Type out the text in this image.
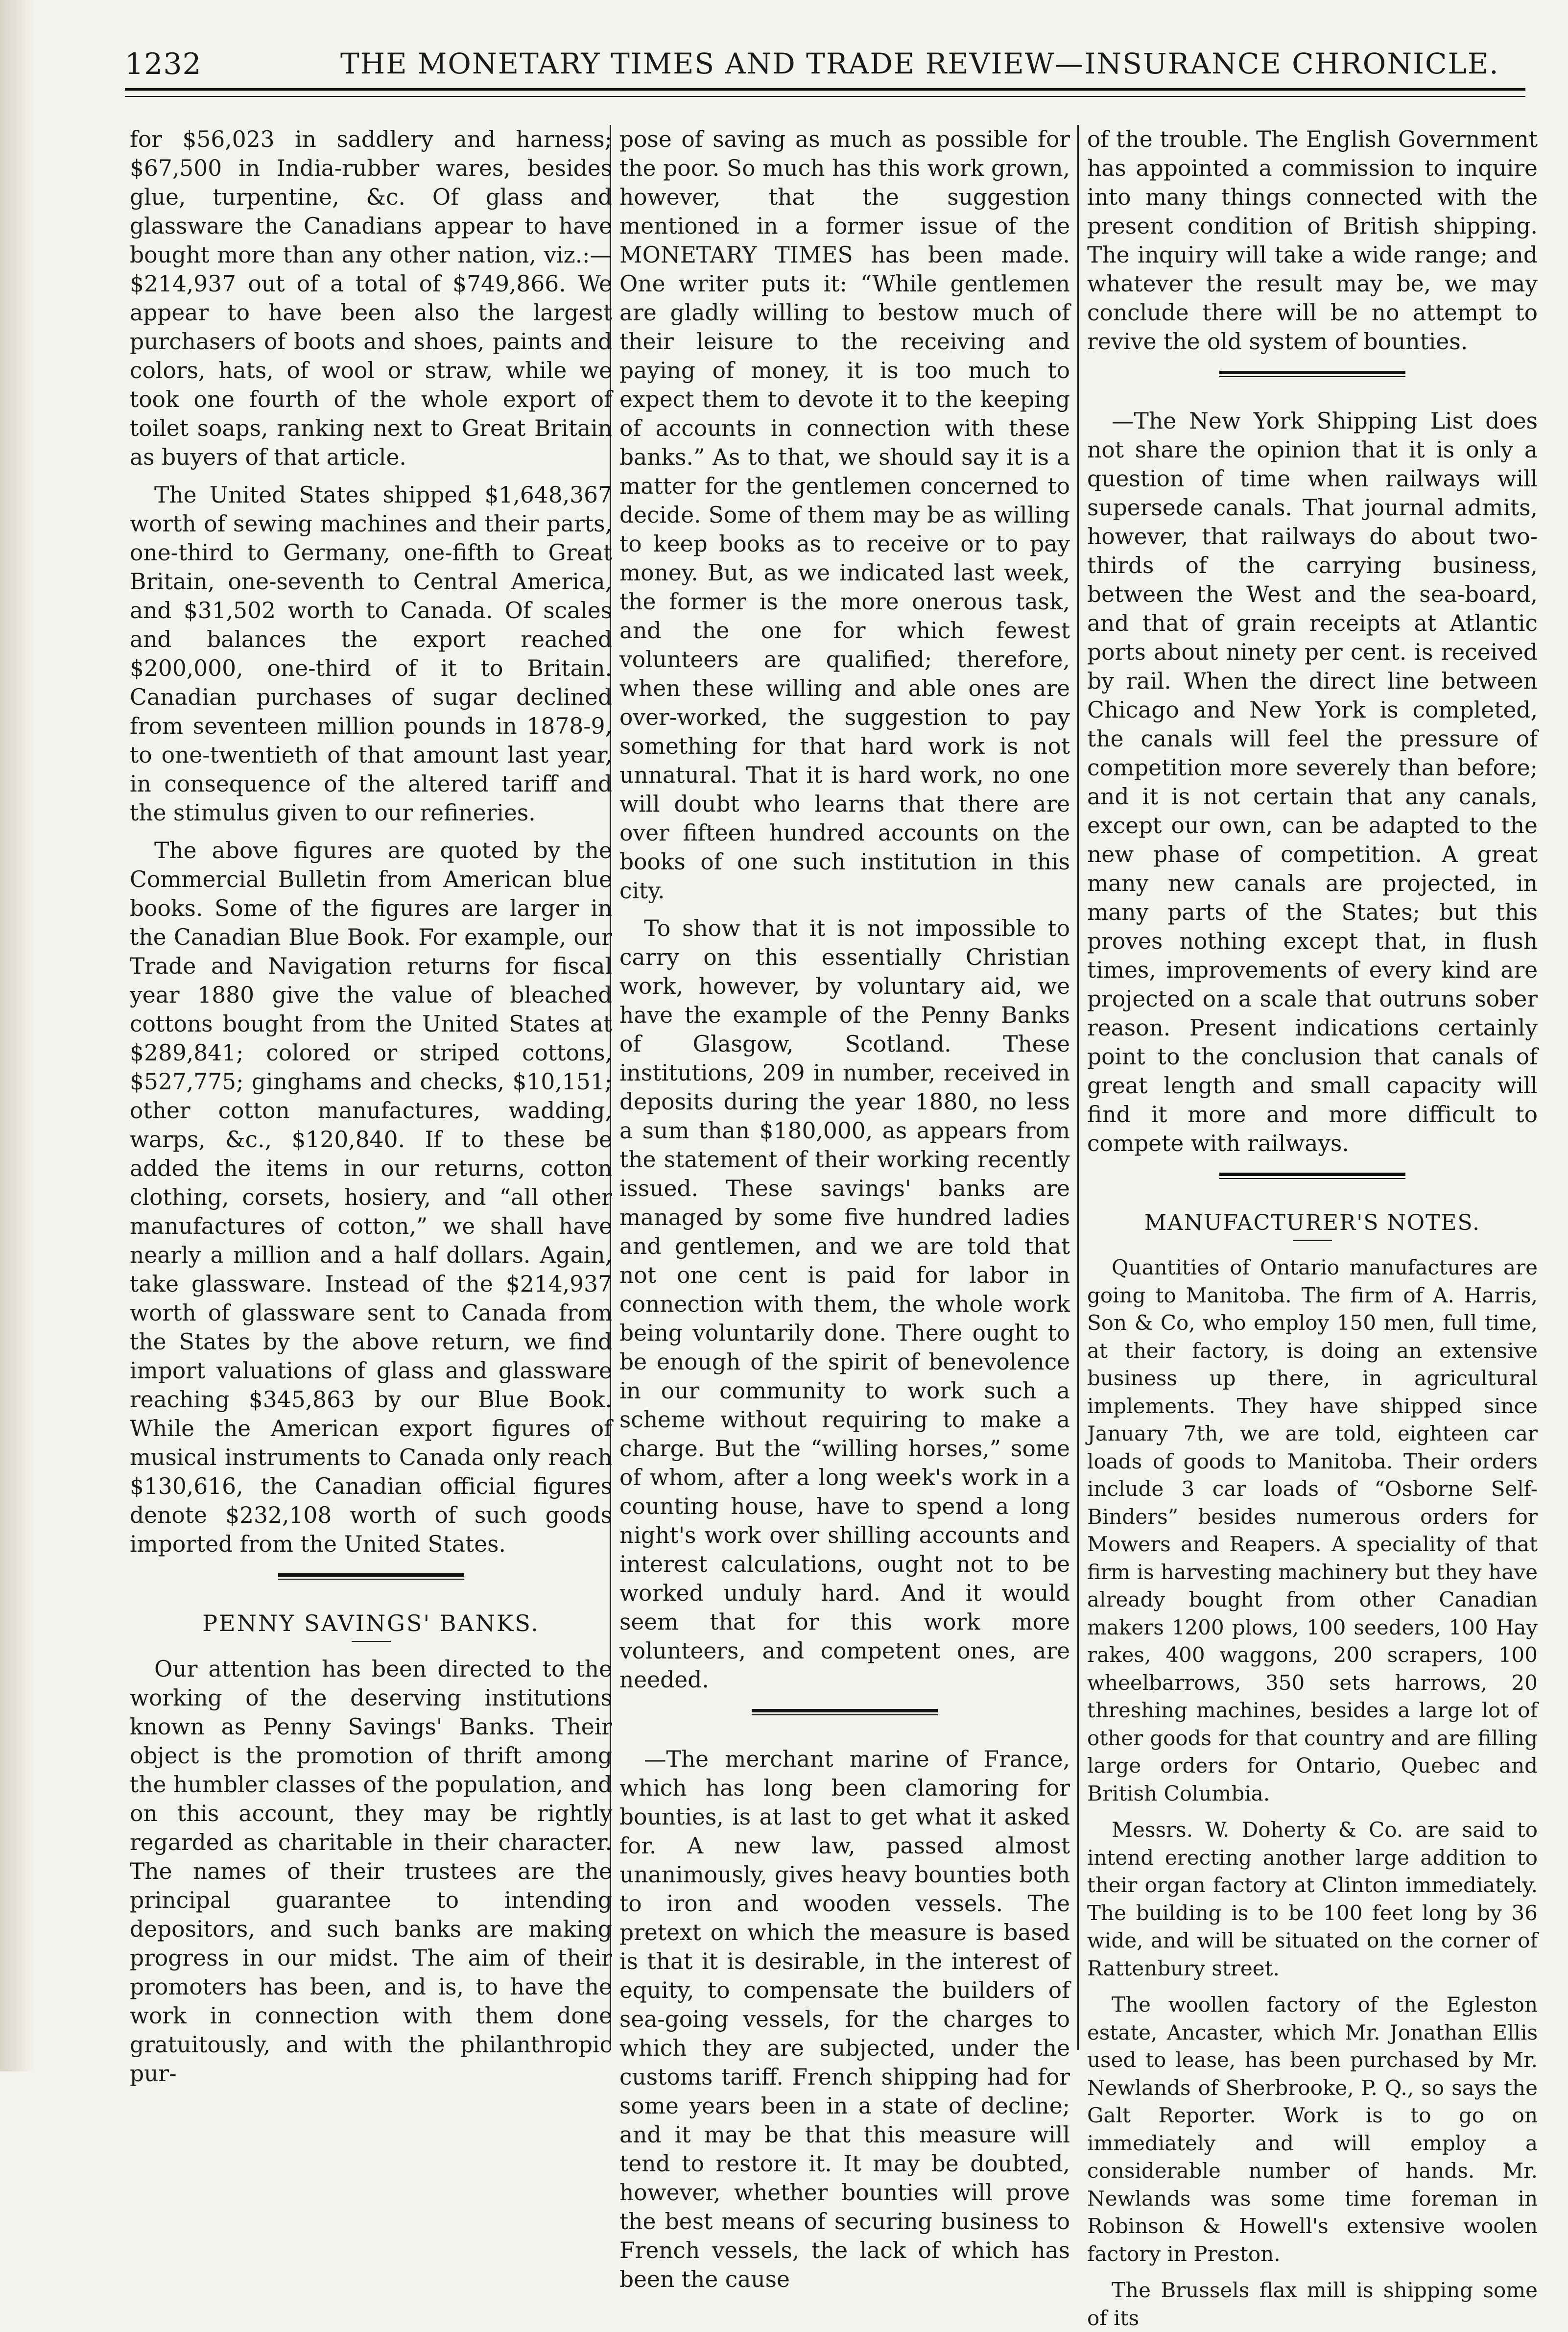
1232	THE MONETARY TIMES AND TRADE REVIEW—INSURANCE CHRONICLE.

for $56,023 in saddlery and harness; $67,500 in India-rubber wares, besides glue, turpentine, &c. Of glass and glassware the Canadians appear to have bought more than any other nation, viz.:— $214,937 out of a total of $749,866. We appear to have been also the largest purchasers of boots and shoes, paints and colors, hats, of wool or straw, while we took one fourth of the whole export of toilet soaps, ranking next to Great Britain as buyers of that article.

The United States shipped $1,648,367 worth of sewing machines and their parts, one-third to Germany, one-fifth to Great Britain, one-seventh to Central America, and $31,502 worth to Canada. Of scales and balances the export reached $200,000, one-third of it to Britain. Canadian purchases of sugar declined from seventeen million pounds in 1878-9, to one-twentieth of that amount last year, in consequence of the altered tariff and the stimulus given to our refineries.

The above figures are quoted by the Commercial Bulletin from American blue books. Some of the figures are larger in the Canadian Blue Book. For example, our Trade and Navigation returns for fiscal year 1880 give the value of bleached cottons bought from the United States at $289,841; colored or striped cottons, $527,775; ginghams and checks, $10,151; other cotton manufactures, wadding, warps, &c., $120,840. If to these be added the items in our returns, cotton clothing, corsets, hosiery, and “all other manufactures of cotton,” we shall have nearly a million and a half dollars. Again, take glassware. Instead of the $214,937 worth of glassware sent to Canada from the States by the above return, we find import valuations of glass and glassware reaching $345,863 by our Blue Book. While the American export figures of musical instruments to Canada only reach $130,616, the Canadian official figures denote $232,108 worth of such goods imported from the United States.

PENNY SAVINGS' BANKS.

Our attention has been directed to the working of the deserving institutions known as Penny Savings' Banks. Their object is the promotion of thrift among the humbler classes of the population, and on this account, they may be rightly regarded as charitable in their character. The names of their trustees are the principal guarantee to intending depositors, and such banks are making progress in our midst. The aim of their promoters has been, and is, to have the work in connection with them done gratuitously, and with the philanthropic pur-

pose of saving as much as possible for the poor. So much has this work grown, however, that the suggestion mentioned in a former issue of the MONETARY TIMES has been made. One writer puts it: “While gentlemen are gladly willing to bestow much of their leisure to the receiving and paying of money, it is too much to expect them to devote it to the keeping of accounts in connection with these banks.” As to that, we should say it is a matter for the gentlemen concerned to decide. Some of them may be as willing to keep books as to receive or to pay money. But, as we indicated last week, the former is the more onerous task, and the one for which fewest volunteers are qualified; therefore, when these willing and able ones are over-worked, the suggestion to pay something for that hard work is not unnatural. That it is hard work, no one will doubt who learns that there are over fifteen hundred accounts on the books of one such institution in this city.

To show that it is not impossible to carry on this essentially Christian work, however, by voluntary aid, we have the example of the Penny Banks of Glasgow, Scotland. These institutions, 209 in number, received in deposits during the year 1880, no less a sum than $180,000, as appears from the statement of their working recently issued. These savings' banks are managed by some five hundred ladies and gentlemen, and we are told that not one cent is paid for labor in connection with them, the whole work being voluntarily done. There ought to be enough of the spirit of benevolence in our community to work such a scheme without requiring to make a charge. But the “willing horses,” some of whom, after a long week's work in a counting house, have to spend a long night's work over shilling accounts and interest calculations, ought not to be worked unduly hard. And it would seem that for this work more volunteers, and competent ones, are needed.

—The merchant marine of France, which has long been clamoring for bounties, is at last to get what it asked for. A new law, passed almost unanimously, gives heavy bounties both to iron and wooden vessels. The pretext on which the measure is based is that it is desirable, in the interest of equity, to compensate the builders of sea-going vessels, for the charges to which they are subjected, under the customs tariff. French shipping had for some years been in a state of decline; and it may be that this measure will tend to restore it. It may be doubted, however, whether bounties will prove the best means of securing business to French vessels, the lack of which has been the cause

of the trouble. The English Government has appointed a commission to inquire into many things connected with the present condition of British shipping. The inquiry will take a wide range; and whatever the result may be, we may conclude there will be no attempt to revive the old system of bounties.

—The New York Shipping List does not share the opinion that it is only a question of time when railways will supersede canals. That journal admits, however, that railways do about two-thirds of the carrying business, between the West and the sea-board, and that of grain receipts at Atlantic ports about ninety per cent. is received by rail. When the direct line between Chicago and New York is completed, the canals will feel the pressure of competition more severely than before; and it is not certain that any canals, except our own, can be adapted to the new phase of competition. A great many new canals are projected, in many parts of the States; but this proves nothing except that, in flush times, improvements of every kind are projected on a scale that outruns sober reason. Present indications certainly point to the conclusion that canals of great length and small capacity will find it more and more difficult to compete with railways.

MANUFACTURER'S NOTES.

Quantities of Ontario manufactures are going to Manitoba. The firm of A. Harris, Son & Co, who employ 150 men, full time, at their factory, is doing an extensive business up there, in agricultural implements. They have shipped since January 7th, we are told, eighteen car loads of goods to Manitoba. Their orders include 3 car loads of “Osborne Self-Binders” besides numerous orders for Mowers and Reapers. A speciality of that firm is harvesting machinery but they have already bought from other Canadian makers 1200 plows, 100 seeders, 100 Hay rakes, 400 waggons, 200 scrapers, 100 wheelbarrows, 350 sets harrows, 20 threshing machines, besides a large lot of other goods for that country and are filling large orders for Ontario, Quebec and British Columbia.

Messrs. W. Doherty & Co. are said to intend erecting another large addition to their organ factory at Clinton immediately. The building is to be 100 feet long by 36 wide, and will be situated on the corner of Rattenbury street.

The woollen factory of the Egleston estate, Ancaster, which Mr. Jonathan Ellis used to lease, has been purchased by Mr. Newlands of Sherbrooke, P. Q., so says the Galt Reporter. Work is to go on immediately and will employ a considerable number of hands. Mr. Newlands was some time foreman in Robinson & Howell's extensive woolen factory in Preston.

The Brussels flax mill is shipping some of its
